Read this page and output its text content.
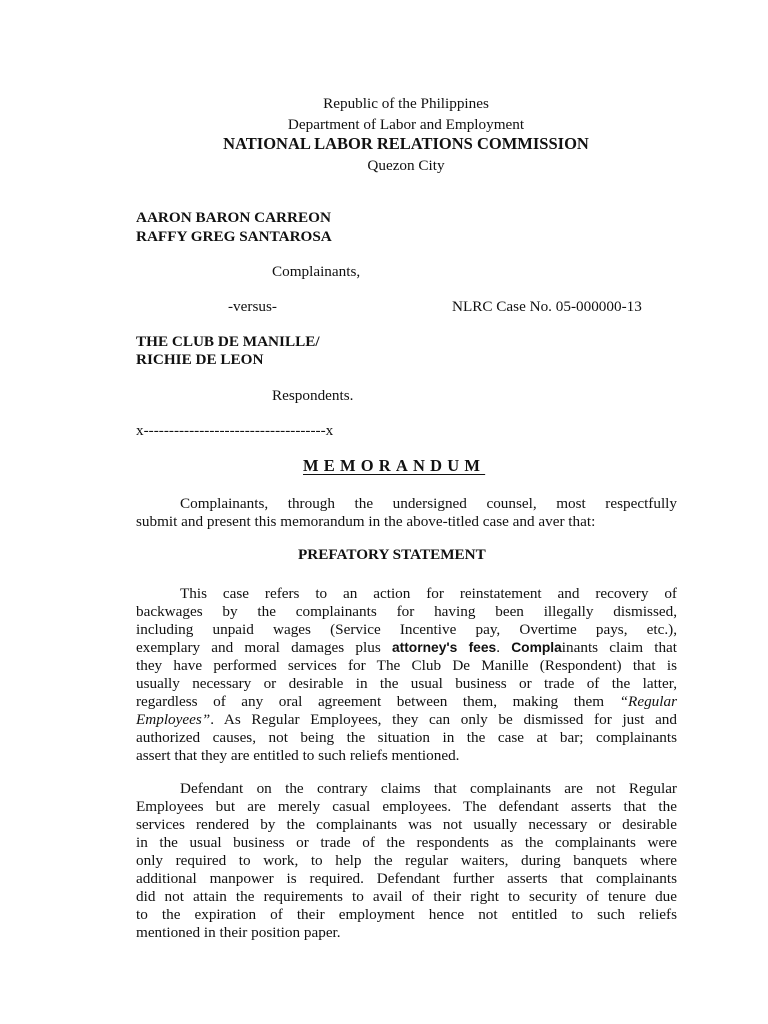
Republic of the Philippines
Department of Labor and Employment
NATIONAL LABOR RELATIONS COMMISSION
Quezon City
AARON BARON CARREON
RAFFY GREG SANTAROSA
Complainants,
-versus-	NLRC Case No. 05-000000-13
THE CLUB DE MANILLE/
RICHIE DE LEON
Respondents.
x------------------------------------x
MEMORANDUM
Complainants, through the undersigned counsel, most respectfully
submit and present this memorandum in the above-titled case and aver that:
PREFATORY STATEMENT
This case refers to an action for reinstatement and recovery of
backwages by the complainants for having been illegally dismissed,
including unpaid wages (Service Incentive pay, Overtime pays, etc.),
exemplary and moral damages plus attorney's fees. Complainants claim that
they have performed services for The Club De Manille (Respondent) that is
usually necessary or desirable in the usual business or trade of the latter,
regardless of any oral agreement between them, making them “Regular
Employees”. As Regular Employees, they can only be dismissed for just and
authorized causes, not being the situation in the case at bar; complainants
assert that they are entitled to such reliefs mentioned.
Defendant on the contrary claims that complainants are not Regular
Employees but are merely casual employees. The defendant asserts that the
services rendered by the complainants was not usually necessary or desirable
in the usual business or trade of the respondents as the complainants were
only required to work, to help the regular waiters, during banquets where
additional manpower is required. Defendant further asserts that complainants
did not attain the requirements to avail of their right to security of tenure due
to the expiration of their employment hence not entitled to such reliefs
mentioned in their position paper.
